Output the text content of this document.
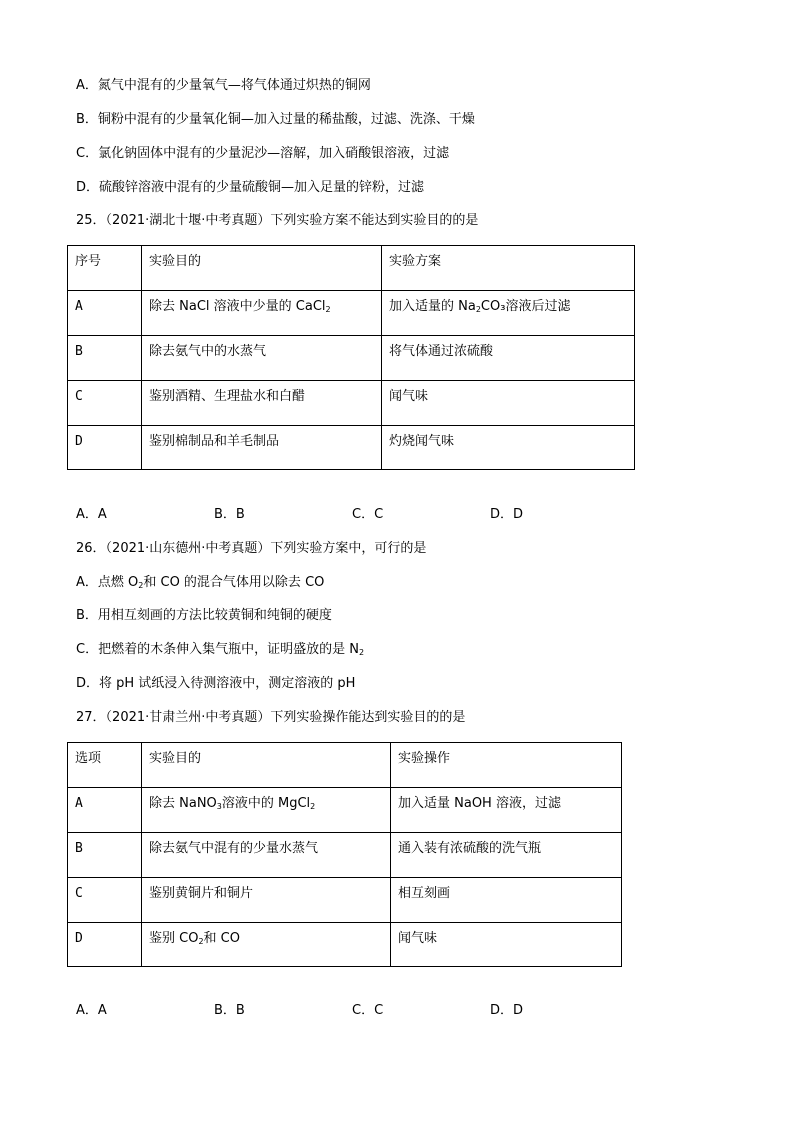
A．氮气中混有的少量氧气—将气体通过炽热的铜网
B．铜粉中混有的少量氧化铜—加入过量的稀盐酸，过滤、洗涤、干燥
C．氯化钠固体中混有的少量泥沙—溶解，加入硝酸银溶液，过滤
D．硫酸锌溶液中混有的少量硫酸铜—加入足量的锌粉，过滤
25．（2021·湖北十堰·中考真题）下列实验方案不能达到实验目的的是
序号	实验目的	实验方案
A	除去 NaCl 溶液中少量的 CaCl$_2$	加入适量的 $Na_2CO_3$溶液后过滤
B	除去氨气中的水蒸气	将气体通过浓硫酸
C	鉴别酒精、生理盐水和白醋	闻气味
D	鉴别棉制品和羊毛制品	灼烧闻气味
A．A	B．B	C．C	D．D
26．（2021·山东德州·中考真题）下列实验方案中，可行的是
A．点燃 $O_2$和 CO 的混合气体用以除去 CO
B．用相互刻画的方法比较黄铜和纯铜的硬度
C．把燃着的木条伸入集气瓶中，证明盛放的是 $N_2$
D．将 pH 试纸浸入待测溶液中，测定溶液的 pH
27．（2021·甘肃兰州·中考真题）下列实验操作能达到实验目的的是
选项	实验目的	实验操作
A	除去 NaNO$_3$溶液中的 MgCl$_2$	加入适量 NaOH 溶液，过滤
B	除去氨气中混有的少量水蒸气	通入装有浓硫酸的洗气瓶
C	鉴别黄铜片和铜片	相互刻画
D	鉴别 $CO_2$和 CO	闻气味
A．A	B．B	C．C	D．D
